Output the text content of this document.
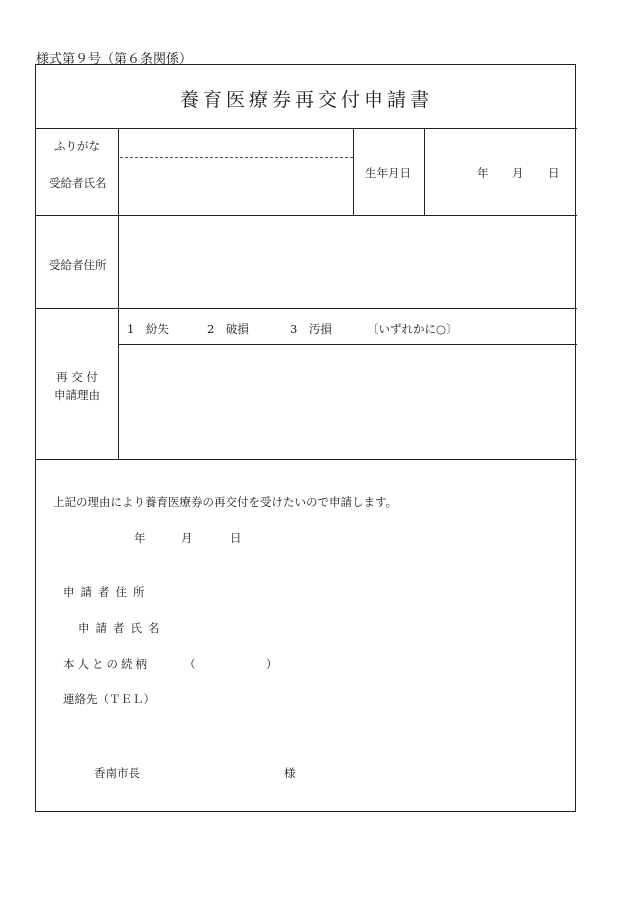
様式第９号（第６条関係）
養育医療券再交付申請書
ふりがな
受給者氏名
生年月日	年 月 日
受給者住所
再 交 付
申請理由
1　紛失	2　破損	3　汚損	〔いずれかに○〕
上記の理由により養育医療券の再交付を受けたいので申請します。
年	月	日
申請者住所
申請者氏名
本人との続柄	（	）
連絡先（ＴＥＬ）
香南市長	様
